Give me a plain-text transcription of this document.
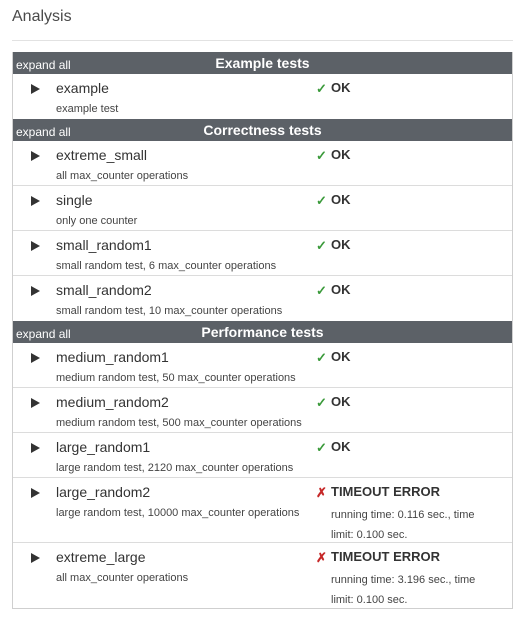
Analysis
expand all	Example tests
example
example test
✓ OK
expand all	Correctness tests
extreme_small
all max_counter operations
✓ OK
single
only one counter
✓ OK
small_random1
small random test, 6 max_counter operations
✓ OK
small_random2
small random test, 10 max_counter operations
✓ OK
expand all	Performance tests
medium_random1
medium random test, 50 max_counter operations
✓ OK
medium_random2
medium random test, 500 max_counter operations
✓ OK
large_random1
large random test, 2120 max_counter operations
✓ OK
large_random2
large random test, 10000 max_counter operations
✗ TIMEOUT ERROR
running time: 0.116 sec., time limit: 0.100 sec.
extreme_large
all max_counter operations
✗ TIMEOUT ERROR
running time: 3.196 sec., time limit: 0.100 sec.
